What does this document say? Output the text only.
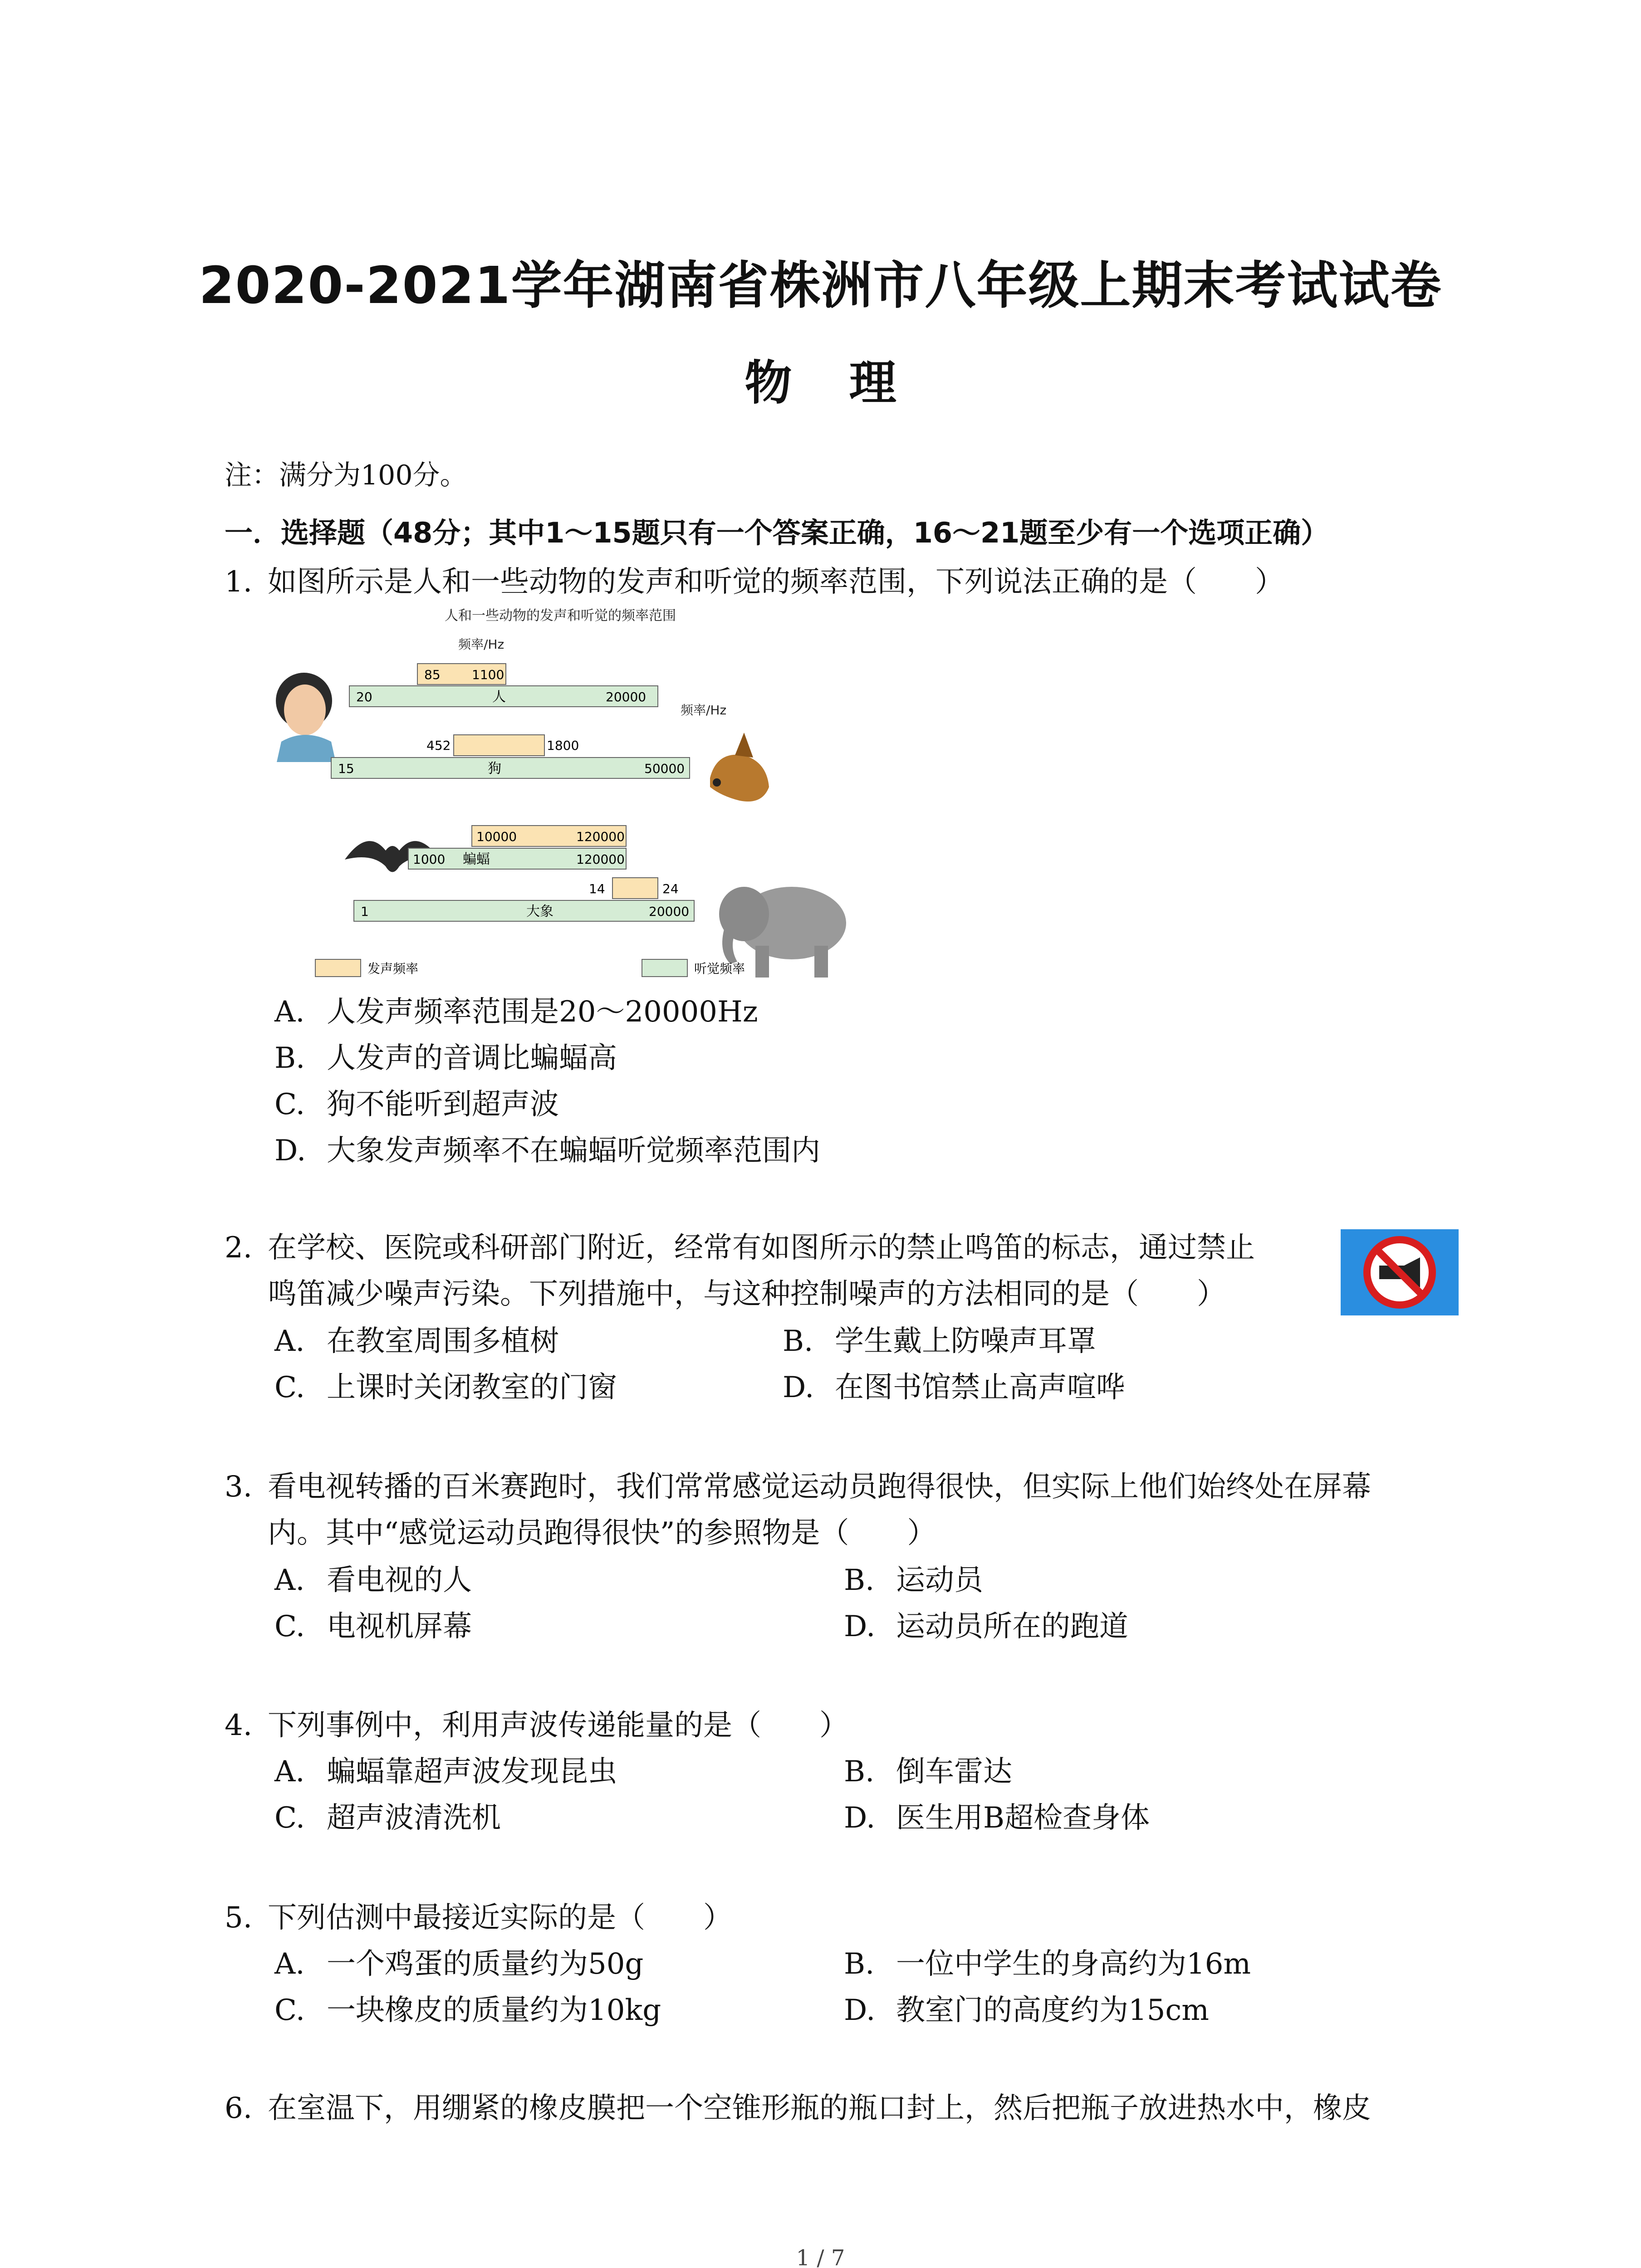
2020-2021学年湖南省株洲市八年级上期末考试试卷
物 理
注：满分为100分。
一．选择题（48分；其中1～15题只有一个答案正确，16～21题至少有一个选项正确）
1. 如图所示是人和一些动物的发声和听觉的频率范围，下列说法正确的是（　　）
人和一些动物的发声和听觉的频率范围
频率/Hz
频率/Hz
85 1100
20	人	20000
452	1800
15	狗	50000
10000	120000
1000 蝙蝠	120000
14	24
1	大象	20000
发声频率	听觉频率
A. 人发声频率范围是20～20000Hz
B. 人发声的音调比蝙蝠高
C. 狗不能听到超声波
D. 大象发声频率不在蝙蝠听觉频率范围内
2. 在学校、医院或科研部门附近，经常有如图所示的禁止鸣笛的标志，通过禁止
鸣笛减少噪声污染。下列措施中，与这种控制噪声的方法相同的是（　　）
A. 在教室周围多植树	B. 学生戴上防噪声耳罩
C. 上课时关闭教室的门窗	D. 在图书馆禁止高声喧哗
3. 看电视转播的百米赛跑时，我们常常感觉运动员跑得很快，但实际上他们始终处在屏幕
内。其中“感觉运动员跑得很快”的参照物是（　　）
A. 看电视的人	B. 运动员
C. 电视机屏幕	D. 运动员所在的跑道
4. 下列事例中，利用声波传递能量的是（　　）
A. 蝙蝠靠超声波发现昆虫	B. 倒车雷达
C. 超声波清洗机	D. 医生用B超检查身体
5. 下列估测中最接近实际的是（　　）
A. 一个鸡蛋的质量约为50g	B. 一位中学生的身高约为16m
C. 一块橡皮的质量约为10kg	D. 教室门的高度约为15cm
6. 在室温下，用绷紧的橡皮膜把一个空锥形瓶的瓶口封上，然后把瓶子放进热水中，橡皮
1 / 7
